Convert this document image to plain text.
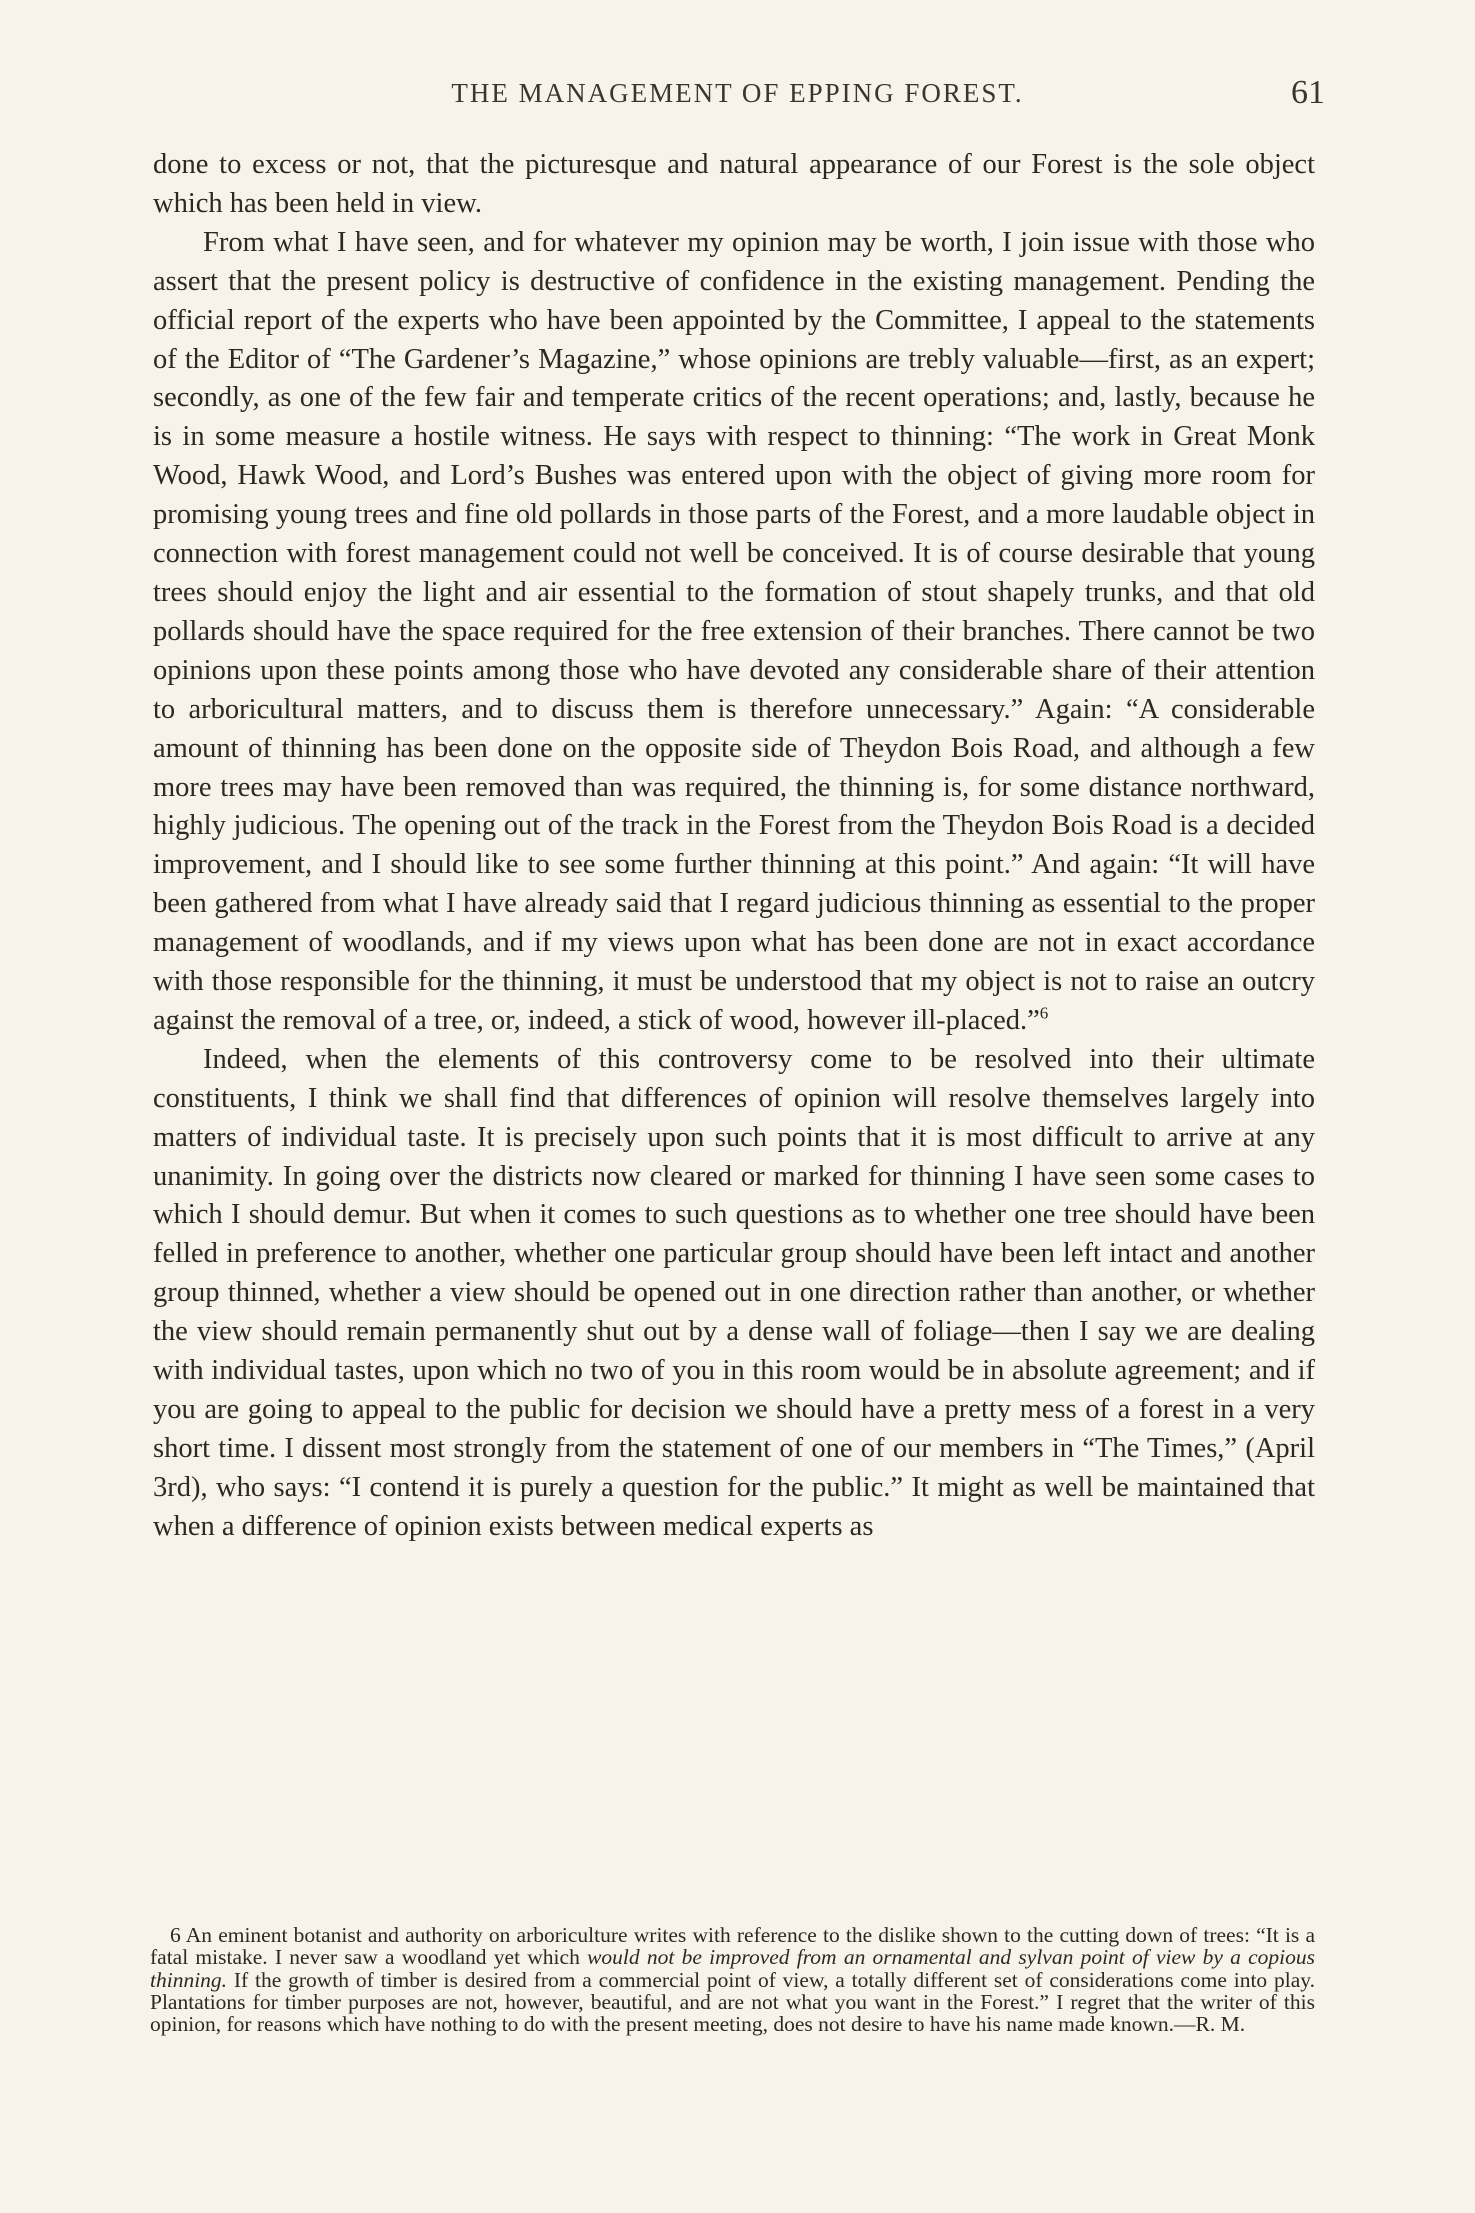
THE MANAGEMENT OF EPPING FOREST.	61

done to excess or not, that the picturesque and natural appearance of our Forest is the sole object which has been held in view.

From what I have seen, and for whatever my opinion may be worth, I join issue with those who assert that the present policy is destructive of confidence in the existing management. Pending the official report of the experts who have been appointed by the Committee, I appeal to the statements of the Editor of “The Gardener’s Magazine,” whose opinions are trebly valuable—first, as an expert; secondly, as one of the few fair and temperate critics of the recent operations; and, lastly, because he is in some measure a hostile witness. He says with respect to thinning: “The work in Great Monk Wood, Hawk Wood, and Lord’s Bushes was entered upon with the object of giving more room for promising young trees and fine old pollards in those parts of the Forest, and a more laudable object in connection with forest management could not well be conceived. It is of course desirable that young trees should enjoy the light and air essential to the formation of stout shapely trunks, and that old pollards should have the space required for the free extension of their branches. There cannot be two opinions upon these points among those who have devoted any considerable share of their attention to arboricultural matters, and to discuss them is therefore unnecessary.” Again: “A considerable amount of thinning has been done on the opposite side of Theydon Bois Road, and although a few more trees may have been removed than was required, the thinning is, for some distance northward, highly judicious. The opening out of the track in the Forest from the Theydon Bois Road is a decided improvement, and I should like to see some further thinning at this point.” And again: “It will have been gathered from what I have already said that I regard judicious thinning as essential to the proper management of woodlands, and if my views upon what has been done are not in exact accordance with those responsible for the thinning, it must be understood that my object is not to raise an outcry against the removal of a tree, or, indeed, a stick of wood, however ill-placed.”$^6$

Indeed, when the elements of this controversy come to be resolved into their ultimate constituents, I think we shall find that differences of opinion will resolve themselves largely into matters of individual taste. It is precisely upon such points that it is most difficult to arrive at any unanimity. In going over the districts now cleared or marked for thinning I have seen some cases to which I should demur. But when it comes to such questions as to whether one tree should have been felled in preference to another, whether one particular group should have been left intact and another group thinned, whether a view should be opened out in one direction rather than another, or whether the view should remain permanently shut out by a dense wall of foliage—then I say we are dealing with individual tastes, upon which no two of you in this room would be in absolute agreement; and if you are going to appeal to the public for decision we should have a pretty mess of a forest in a very short time. I dissent most strongly from the statement of one of our members in “The Times,” (April 3rd), who says: “I contend it is purely a question for the public.” It might as well be maintained that when a difference of opinion exists between medical experts as

6 An eminent botanist and authority on arboriculture writes with reference to the dislike shown to the cutting down of trees: “It is a fatal mistake. I never saw a woodland yet which would not be improved from an ornamental and sylvan point of view by a copious thinning. If the growth of timber is desired from a commercial point of view, a totally different set of considerations come into play. Plantations for timber purposes are not, however, beautiful, and are not what you want in the Forest.” I regret that the writer of this opinion, for reasons which have nothing to do with the present meeting, does not desire to have his name made known.—R. M.
